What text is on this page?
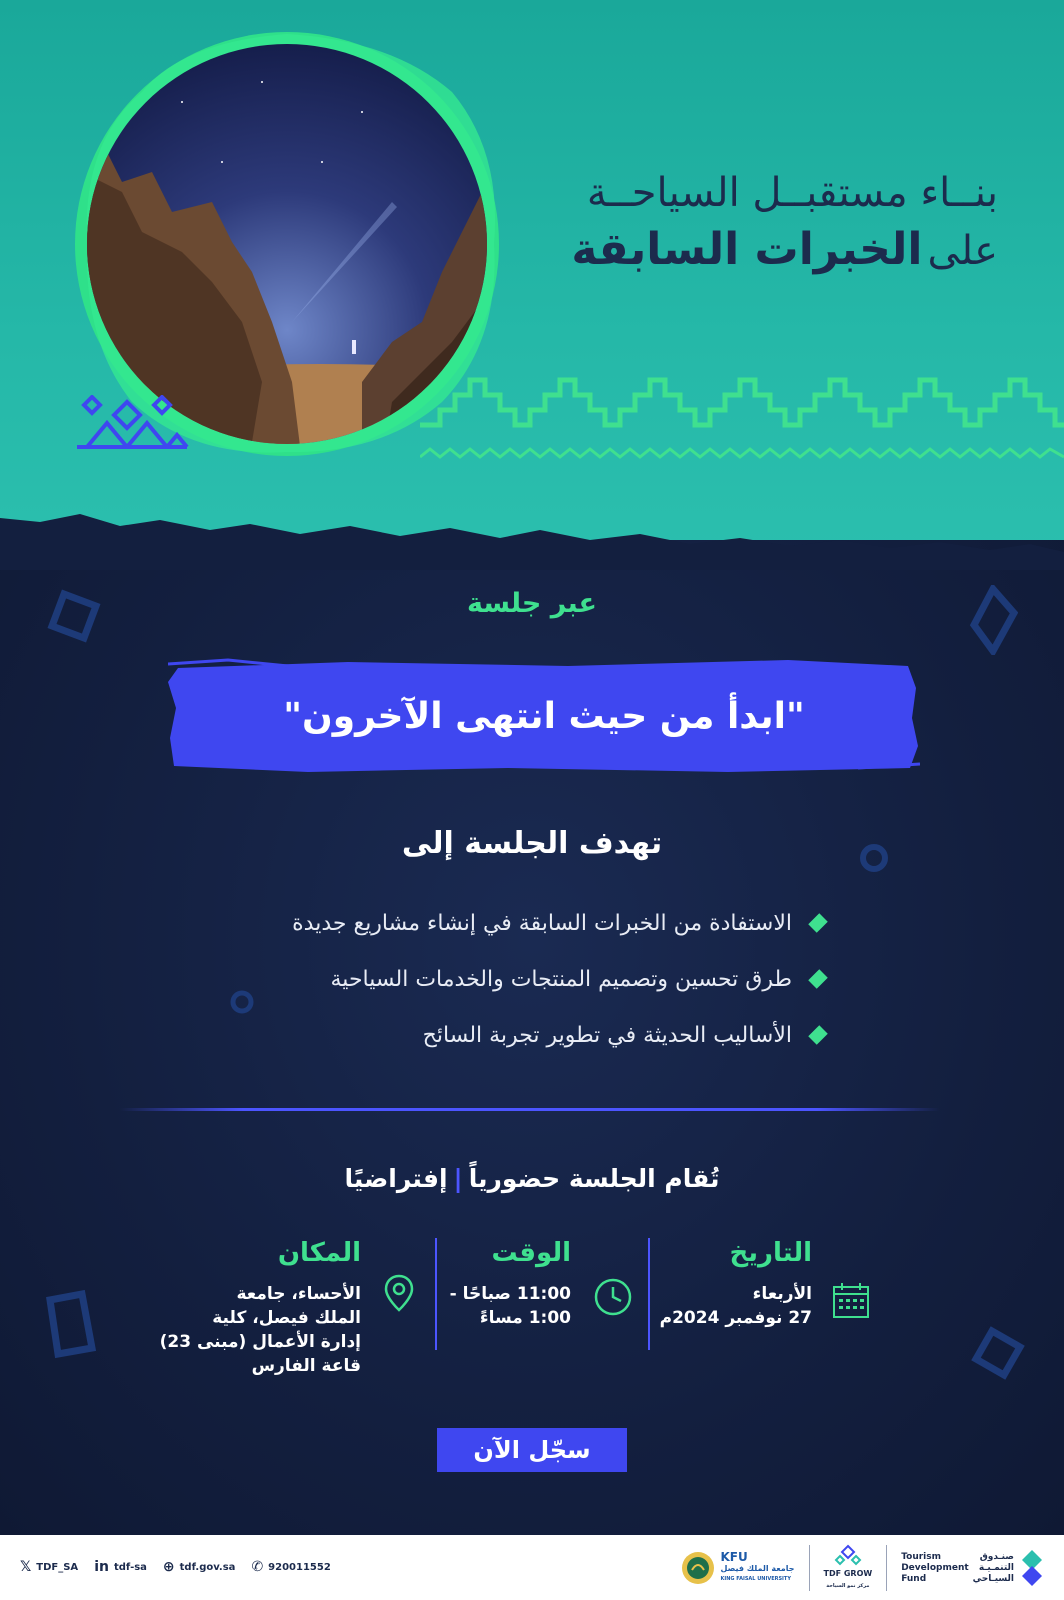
بنــاء مستقبــل السياحــة
على الخبرات السابقة
عبر جلسة
"ابدأ من حيث انتهى الآخرون"
تهدف الجلسة إلى
الاستفادة من الخبرات السابقة في إنشاء مشاريع جديدة
طرق تحسين وتصميم المنتجات والخدمات السياحية
الأساليب الحديثة في تطوير تجربة السائح
تُقام الجلسة حضورياً|إفتراضيًا
التاريخ
الأربعاء
27 نوفمبر 2024م
الوقت
11:00 صباحًا -
1:00 مساءً
المكان
الأحساء، جامعة
الملك فيصل، كلية
إدارة الأعمال (مبنى 23)
قاعة الفارس
سجّل الآن
𝕏 TDF_SA in tdf-sa ⊕ tdf.gov.sa ✆ 920011552
KFU
جامعة الملك فيصل
KING FAISAL UNIVERSITY
TDF GROW
مركز نمو السياحة
Tourism
Development
Fund
صنـدوق
التنمـيـة
السيـاحي
